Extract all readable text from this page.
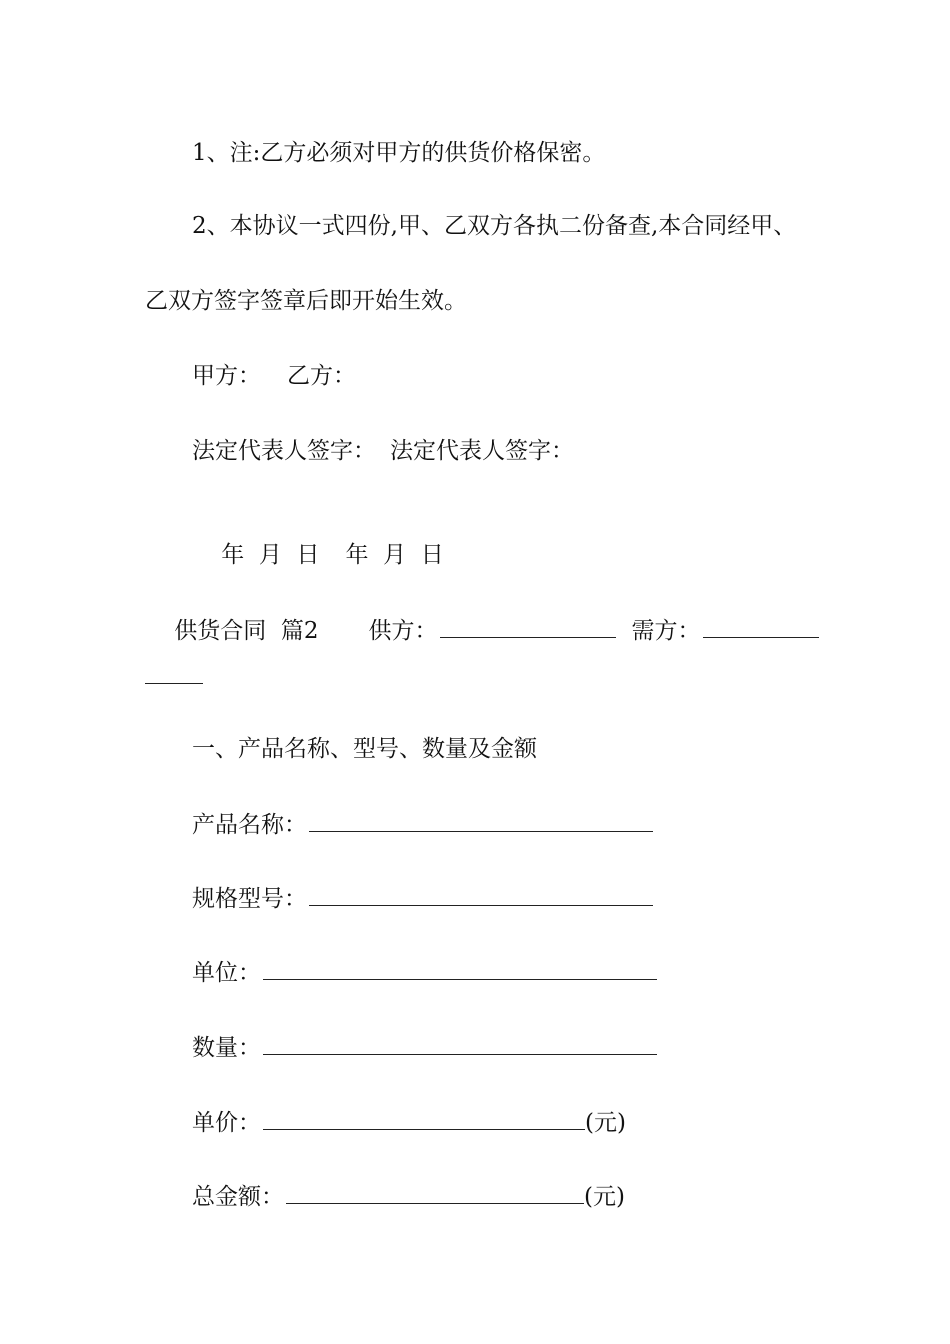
1、注:乙方必须对甲方的供货价格保密。
2、本协议一式四份,甲、乙双方各执二份备查,本合同经甲、
乙双方签字签章后即开始生效。
甲方： 乙方：
法定代表人签字： 法定代表人签字：

年  月  日 年  月  日

供货合同  篇2 供方：	需方：

一、产品名称、型号、数量及金额
产品名称：
规格型号：
单位：
数量：
单价：	(元)
总金额：	(元)
